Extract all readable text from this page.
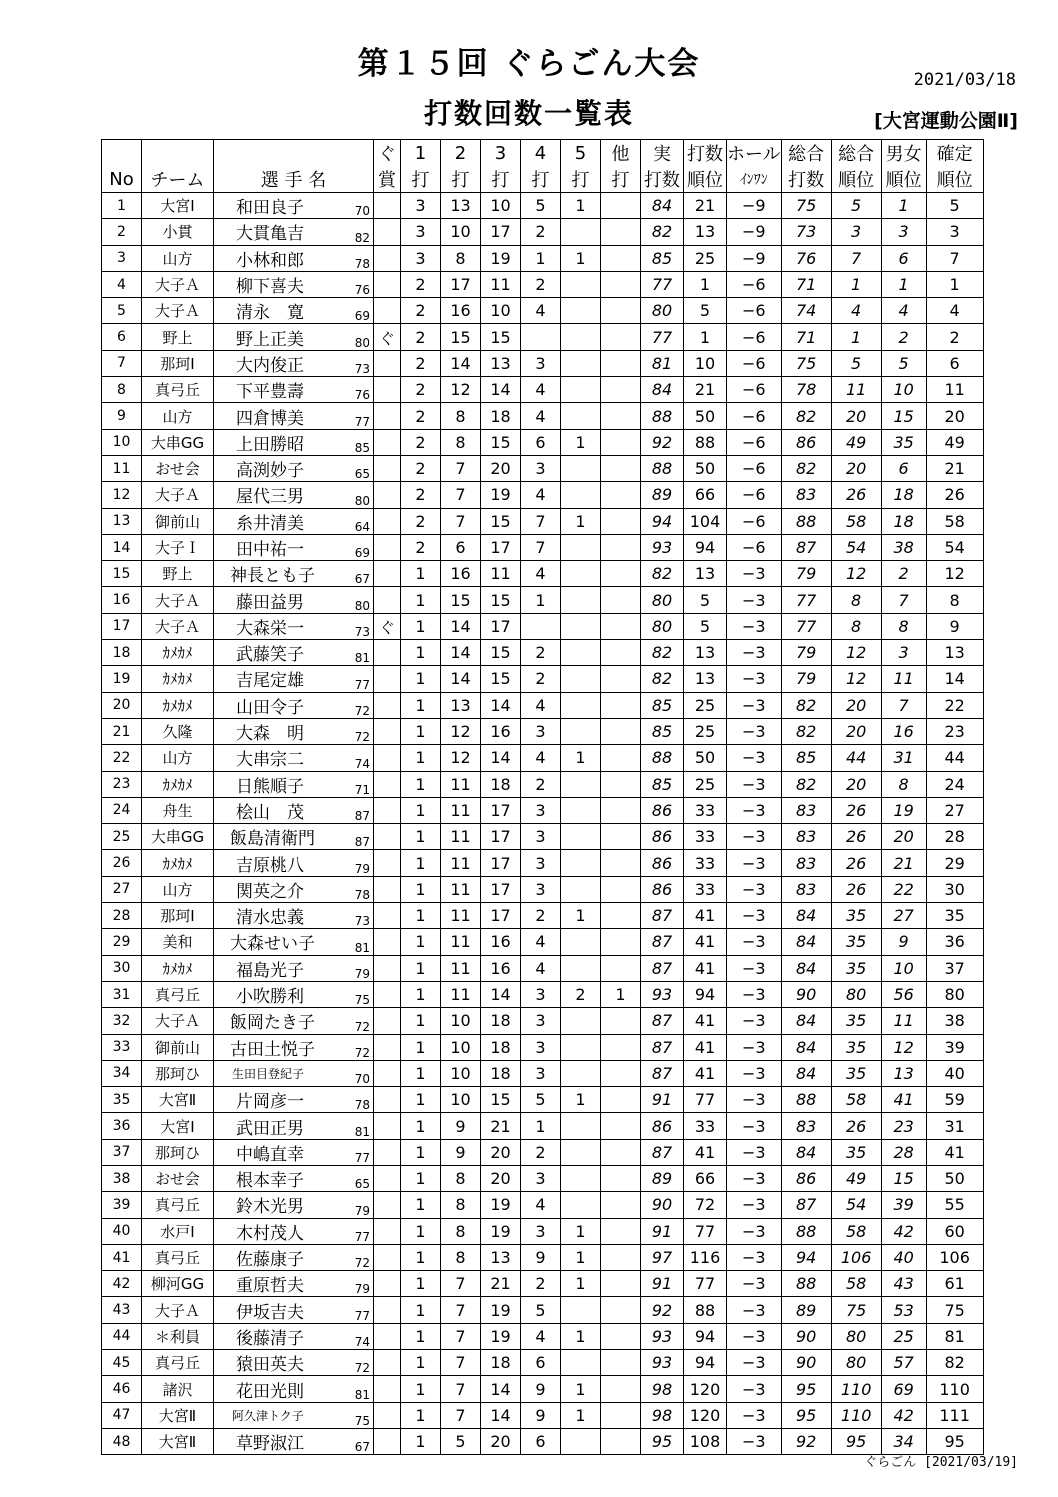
第１５回 ぐらごん大会	2021/03/18
打数回数一覧表	[大宮運動公園Ⅱ]
				ぐ	1	2	3	4	5	他	実	打数	ホール	総合	総合	男女	確定
No	チーム	選 手 名		賞	打	打	打	打	打	打	打数	順位	ｲﾝﾜﾝ	打数	順位	順位	順位
1	大宮Ⅰ	和田良子	70		3	13	10	5	1		84	21	−9	75	5	1	5
2	小貫	大貫亀吉	82		3	10	17	2			82	13	−9	73	3	3	3
3	山方	小林和郎	78		3	8	19	1	1		85	25	−9	76	7	6	7
4	大子Ａ	柳下喜夫	76		2	17	11	2			77	1	−6	71	1	1	1
5	大子Ａ	清永　寛	69		2	16	10	4			80	5	−6	74	4	4	4
6	野上	野上正美	80	ぐ	2	15	15				77	1	−6	71	1	2	2
7	那珂Ⅰ	大内俊正	73		2	14	13	3			81	10	−6	75	5	5	6
8	真弓丘	下平豊壽	76		2	12	14	4			84	21	−6	78	11	10	11
9	山方	四倉博美	77		2	8	18	4			88	50	−6	82	20	15	20
10	大串GG	上田勝昭	85		2	8	15	6	1		92	88	−6	86	49	35	49
11	おせ会	高渕妙子	65		2	7	20	3			88	50	−6	82	20	6	21
12	大子Ａ	屋代三男	80		2	7	19	4			89	66	−6	83	26	18	26
13	御前山	糸井清美	64		2	7	15	7	1		94	104	−6	88	58	18	58
14	大子Ｉ	田中祐一	69		2	6	17	7			93	94	−6	87	54	38	54
15	野上	神長とも子	67		1	16	11	4			82	13	−3	79	12	2	12
16	大子Ａ	藤田益男	80		1	15	15	1			80	5	−3	77	8	7	8
17	大子Ａ	大森栄一	73	ぐ	1	14	17				80	5	−3	77	8	8	9
18	ｶﾒｶﾒ	武藤笑子	81		1	14	15	2			82	13	−3	79	12	3	13
19	ｶﾒｶﾒ	吉尾定雄	77		1	14	15	2			82	13	−3	79	12	11	14
20	ｶﾒｶﾒ	山田令子	72		1	13	14	4			85	25	−3	82	20	7	22
21	久隆	大森　明	72		1	12	16	3			85	25	−3	82	20	16	23
22	山方	大串宗二	74		1	12	14	4	1		88	50	−3	85	44	31	44
23	ｶﾒｶﾒ	日熊順子	71		1	11	18	2			85	25	−3	82	20	8	24
24	舟生	桧山　茂	87		1	11	17	3			86	33	−3	83	26	19	27
25	大串GG	飯島清衛門	87		1	11	17	3			86	33	−3	83	26	20	28
26	ｶﾒｶﾒ	吉原桃八	79		1	11	17	3			86	33	−3	83	26	21	29
27	山方	関英之介	78		1	11	17	3			86	33	−3	83	26	22	30
28	那珂Ⅰ	清水忠義	73		1	11	17	2	1		87	41	−3	84	35	27	35
29	美和	大森せい子	81		1	11	16	4			87	41	−3	84	35	9	36
30	ｶﾒｶﾒ	福島光子	79		1	11	16	4			87	41	−3	84	35	10	37
31	真弓丘	小吹勝利	75		1	11	14	3	2	1	93	94	−3	90	80	56	80
32	大子Ａ	飯岡たき子	72		1	10	18	3			87	41	−3	84	35	11	38
33	御前山	古田土悦子	72		1	10	18	3			87	41	−3	84	35	12	39
34	那珂ひ	生田目登紀子	70		1	10	18	3			87	41	−3	84	35	13	40
35	大宮Ⅱ	片岡彦一	78		1	10	15	5	1		91	77	−3	88	58	41	59
36	大宮Ⅰ	武田正男	81		1	9	21	1			86	33	−3	83	26	23	31
37	那珂ひ	中嶋直幸	77		1	9	20	2			87	41	−3	84	35	28	41
38	おせ会	根本幸子	65		1	8	20	3			89	66	−3	86	49	15	50
39	真弓丘	鈴木光男	79		1	8	19	4			90	72	−3	87	54	39	55
40	水戸Ⅰ	木村茂人	77		1	8	19	3	1		91	77	−3	88	58	42	60
41	真弓丘	佐藤康子	72		1	8	13	9	1		97	116	−3	94	106	40	106
42	柳河GG	重原哲夫	79		1	7	21	2	1		91	77	−3	88	58	43	61
43	大子Ａ	伊坂吉夫	77		1	7	19	5			92	88	−3	89	75	53	75
44	＊利員	後藤清子	74		1	7	19	4	1		93	94	−3	90	80	25	81
45	真弓丘	猿田英夫	72		1	7	18	6			93	94	−3	90	80	57	82
46	諸沢	花田光則	81		1	7	14	9	1		98	120	−3	95	110	69	110
47	大宮Ⅱ	阿久津トク子	75		1	7	14	9	1		98	120	−3	95	110	42	111
48	大宮Ⅱ	草野淑江	67		1	5	20	6			95	108	−3	92	95	34	95
ぐらごん [2021/03/19]
